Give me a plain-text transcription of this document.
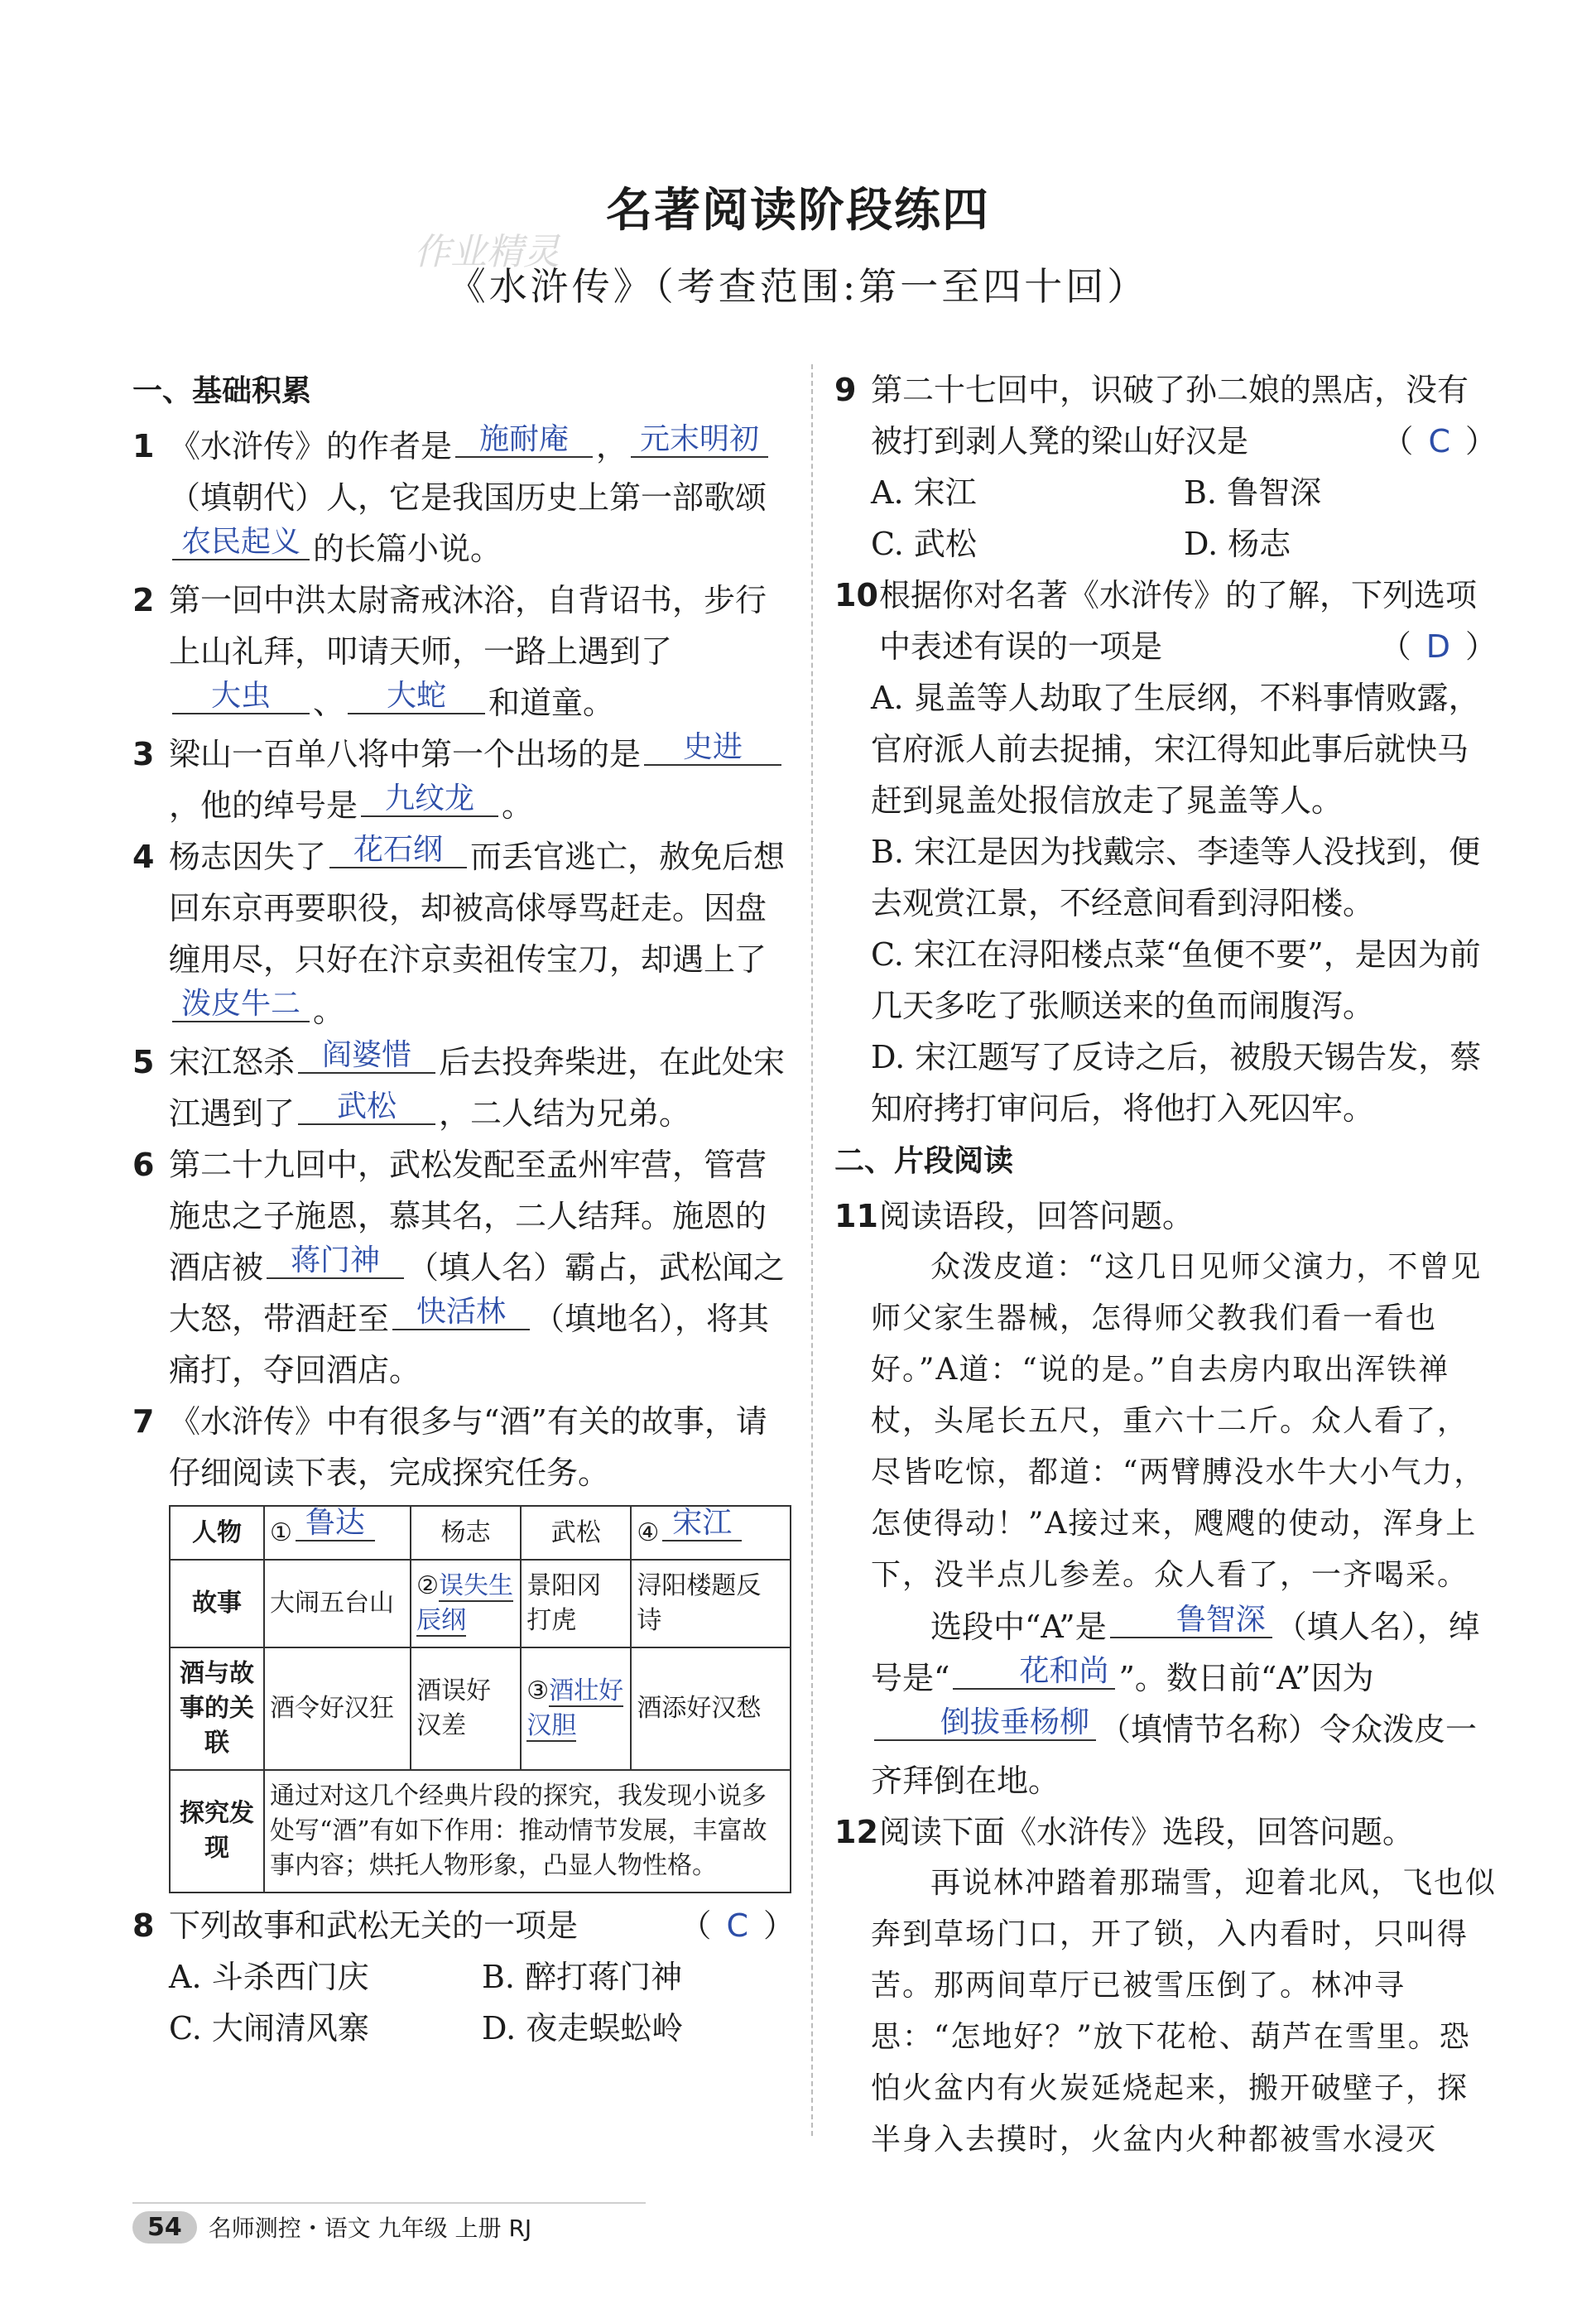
名著阅读阶段练四
作业精灵
《水浒传》（考查范围:第一至四十回）
一、基础积累
1 《水浒传》的作者是 施耐庵 ， 元末明初（填朝代）人，它是我国历史上第一部歌颂农民起义 的长篇小说。
2 第一回中洪太尉斋戒沐浴，自背诏书，步行上山礼拜，叩请天师，一路上遇到了大虫 、 大蛇 和道童。
3 梁山一百单八将中第一个出场的是 史进，他的绰号是 九纹龙 。
4 杨志因失了 花石纲 而丢官逃亡，赦免后想回东京再要职役，却被高俅辱骂赶走。因盘缠用尽，只好在汴京卖祖传宝刀，却遇上了泼皮牛二 。
5 宋江怒杀 阎婆惜 后去投奔柴进，在此处宋江遇到了 武松 ，二人结为兄弟。
6 第二十九回中，武松发配至孟州牢营，管营施忠之子施恩，慕其名，二人结拜。施恩的酒店被 蒋门神 （填人名）霸占，武松闻之大怒，带酒赶至 快活林 （填地名），将其痛打，夺回酒店。
7 《水浒传》中有很多与“酒”有关的故事，请仔细阅读下表，完成探究任务。
人物	① 鲁达	杨志	武松	④ 宋江
故事	大闹五台山	②误失生辰纲	景阳冈打虎	浔阳楼题反诗
酒与故事的关联	酒令好汉狂	酒误好汉差	③酒壮好汉胆	酒添好汉愁
探究发现	通过对这几个经典片段的探究，我发现小说多处写“酒”有如下作用：推动情节发展，丰富故事内容；烘托人物形象，凸显人物性格。			
8 下列故事和武松无关的一项是	（ C ）
A. 斗杀西门庆	B. 醉打蒋门神
C. 大闹清风寨	D. 夜走蜈蚣岭
9 第二十七回中，识破了孙二娘的黑店，没有被打到剥人凳的梁山好汉是	（ C ）
A. 宋江	B. 鲁智深
C. 武松	D. 杨志
10 根据你对名著《水浒传》的了解，下列选项中表述有误的一项是	（ D ）
A. 晁盖等人劫取了生辰纲，不料事情败露，官府派人前去捉捕，宋江得知此事后就快马赶到晁盖处报信放走了晁盖等人。
B. 宋江是因为找戴宗、李逵等人没找到，便去观赏江景，不经意间看到浔阳楼。
C. 宋江在浔阳楼点菜“鱼便不要”，是因为前几天多吃了张顺送来的鱼而闹腹泻。
D. 宋江题写了反诗之后，被殷天锡告发，蔡知府拷打审问后，将他打入死囚牢。
二、片段阅读
11 阅读语段，回答问题。

众泼皮道：“这几日见师父演力，不曾见师父家生器械，怎得师父教我们看一看也好。”A道：“说的是。”自去房内取出浑铁禅杖，头尾长五尺，重六十二斤。众人看了，尽皆吃惊，都道：“两臂膊没水牛大小气力，怎使得动！”A接过来，飕飕的使动，浑身上下，没半点儿参差。众人看了，一齐喝采。

选段中“A”是 鲁智深 （填人名），绰号是“ 花和尚 ”。数日前“A”因为倒拔垂杨柳 （填情节名称）令众泼皮一齐拜倒在地。
12 阅读下面《水浒传》选段，回答问题。

再说林冲踏着那瑞雪，迎着北风，飞也似奔到草场门口，开了锁，入内看时，只叫得苦。那两间草厅已被雪压倒了。林冲寻思：“怎地好？”放下花枪、葫芦在雪里。恐怕火盆内有火炭延烧起来，搬开破壁子，探半身入去摸时，火盆内火种都被雪水浸灭

54	名师测控・语文 九年级 上册 RJ
